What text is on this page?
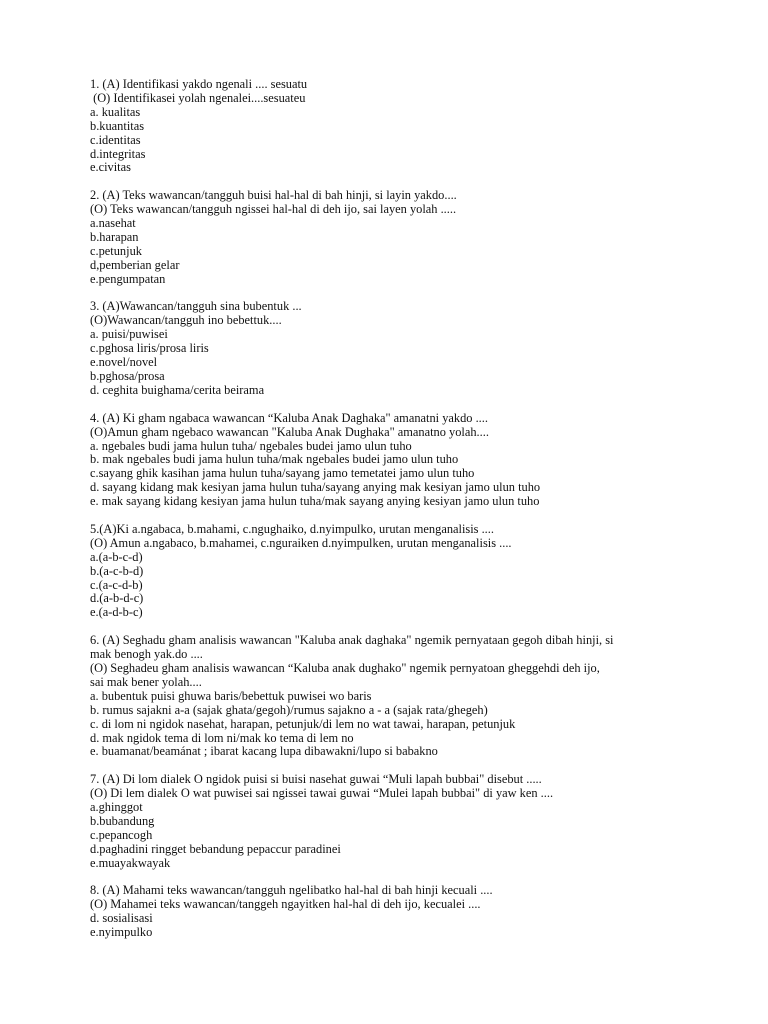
1. (A) Identifikasi yakdo ngenali .... sesuatu
(O) Identifikasei yolah ngenalei....sesuateu
a. kualitas
b.kuantitas
c.identitas
d.integritas
e.civitas
2. (A) Teks wawancan/tangguh buisi hal-hal di bah hinji, si layin yakdo....
(O) Teks wawancan/tangguh ngissei hal-hal di deh ijo, sai layen yolah .....
a.nasehat
b.harapan
c.petunjuk
d,pemberian gelar
e.pengumpatan
3. (A)Wawancan/tangguh sina bubentuk ...
(O)Wawancan/tangguh ino bebettuk....
a. puisi/puwisei
c.pghosa liris/prosa liris
e.novel/novel
b.pghosa/prosa
d. ceghita buighama/cerita beirama
4. (A) Ki gham ngabaca wawancan “Kaluba Anak Daghaka" amanatni yakdo ....
(O)Amun gham ngebaco wawancan "Kaluba Anak Dughaka" amanatno yolah....
a. ngebales budi jama hulun tuha/ ngebales budei jamo ulun tuho
b. mak ngebales budi jama hulun tuha/mak ngebales budei jamo ulun tuho
c.sayang ghik kasihan jama hulun tuha/sayang jamo temetatei jamo ulun tuho
d. sayang kidang mak kesiyan jama hulun tuha/sayang anying mak kesiyan jamo ulun tuho
e. mak sayang kidang kesiyan jama hulun tuha/mak sayang anying kesiyan jamo ulun tuho
5.(A)Ki a.ngabaca, b.mahami, c.ngughaiko, d.nyimpulko, urutan menganalisis ....
(O) Amun a.ngabaco, b.mahamei, c.nguraiken d.nyimpulken, urutan menganalisis ....
a.(a-b-c-d)
b.(a-c-b-d)
c.(a-c-d-b)
d.(a-b-d-c)
e.(a-d-b-c)
6. (A) Seghadu gham analisis wawancan "Kaluba anak daghaka" ngemik pernyataan gegoh dibah hinji, si
mak benogh yak.do ....
(O) Seghadeu gham analisis wawancan “Kaluba anak dughako" ngemik pernyatoan gheggehdi deh ijo,
sai mak bener yolah....
a. bubentuk puisi ghuwa baris/bebettuk puwisei wo baris
b. rumus sajakni a-a (sajak ghata/gegoh)/rumus sajakno a - a (sajak rata/ghegeh)
c. di lom ni ngidok nasehat, harapan, petunjuk/di lem no wat tawai, harapan, petunjuk
d. mak ngidok tema di lom ni/mak ko tema di lem no
e. buamanat/beamánat ; ibarat kacang lupa dibawakni/lupo si babakno
7. (A) Di lom dialek O ngidok puisi si buisi nasehat guwai “Muli lapah bubbai" disebut .....
(O) Di lem dialek O wat puwisei sai ngissei tawai guwai “Mulei lapah bubbai" di yaw ken ....
a.ghinggot
b.bubandung
c.pepancogh
d.paghadini ringget bebandung pepaccur paradinei
e.muayakwayak
8. (A) Mahami teks wawancan/tangguh ngelibatko hal-hal di bah hinji kecuali ....
(O) Mahamei teks wawancan/tanggeh ngayitken hal-hal di deh ijo, kecualei ....
d. sosialisasi
e.nyimpulko
